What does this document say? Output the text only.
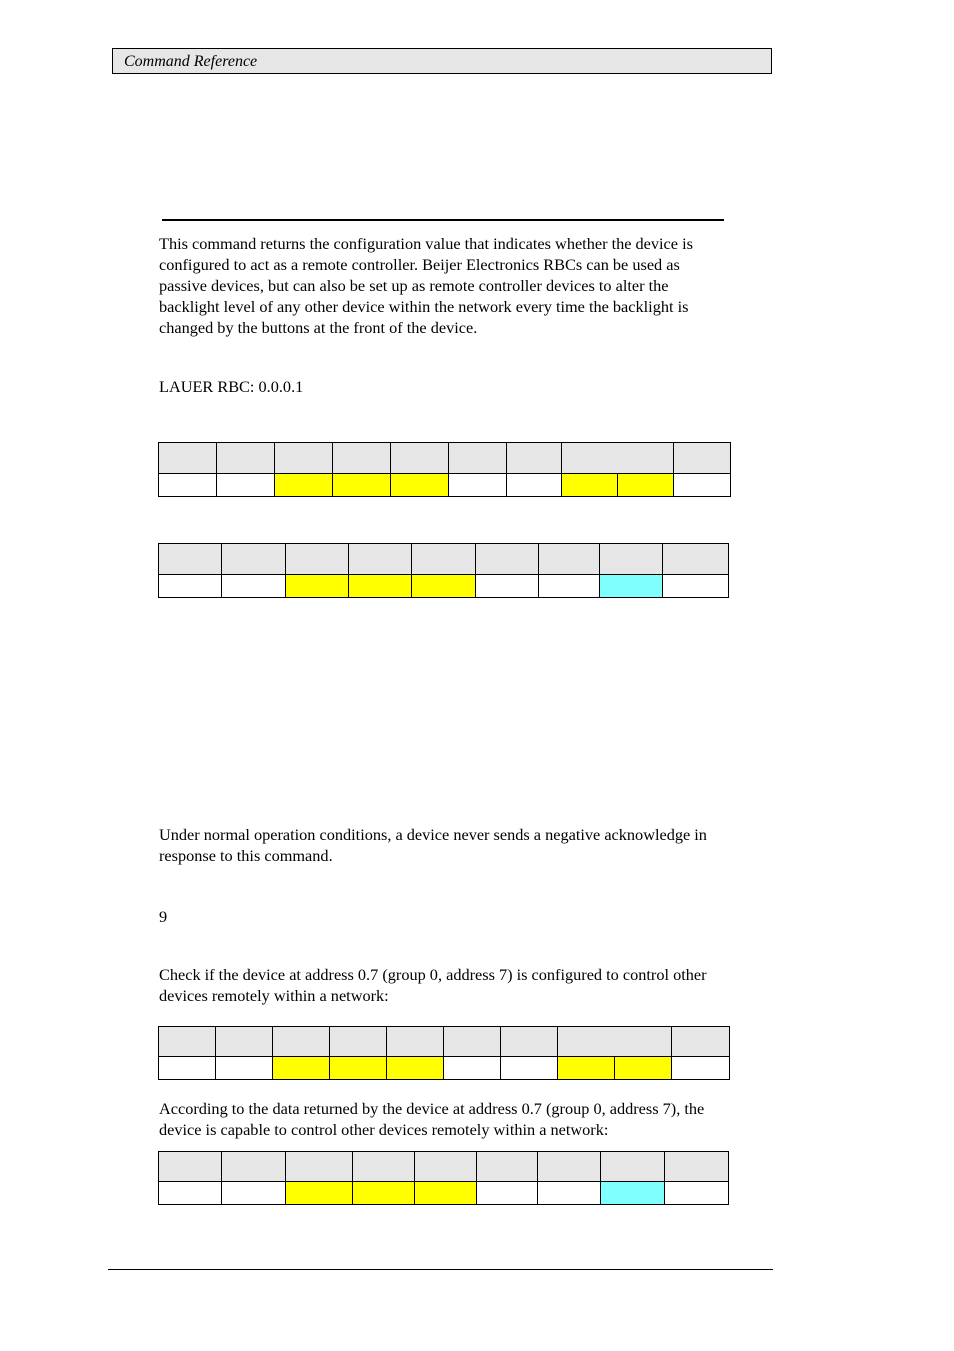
Command Reference
This command returns the configuration value that indicates whether the device is configured to act as a remote controller. Beijer Electronics RBCs can be used as passive devices, but can also be set up as remote controller devices to alter the backlight level of any other device within the network every time the backlight is changed by the buttons at the front of the device.
LAUER RBC: 0.0.0.1

Under normal operation conditions, a device never sends a negative acknowledge in response to this command.
9
Check if the device at address 0.7 (group 0, address 7) is configured to control other devices remotely within a network:

According to the data returned by the device at address 0.7 (group 0, address 7), the device is capable to control other devices remotely within a network:
